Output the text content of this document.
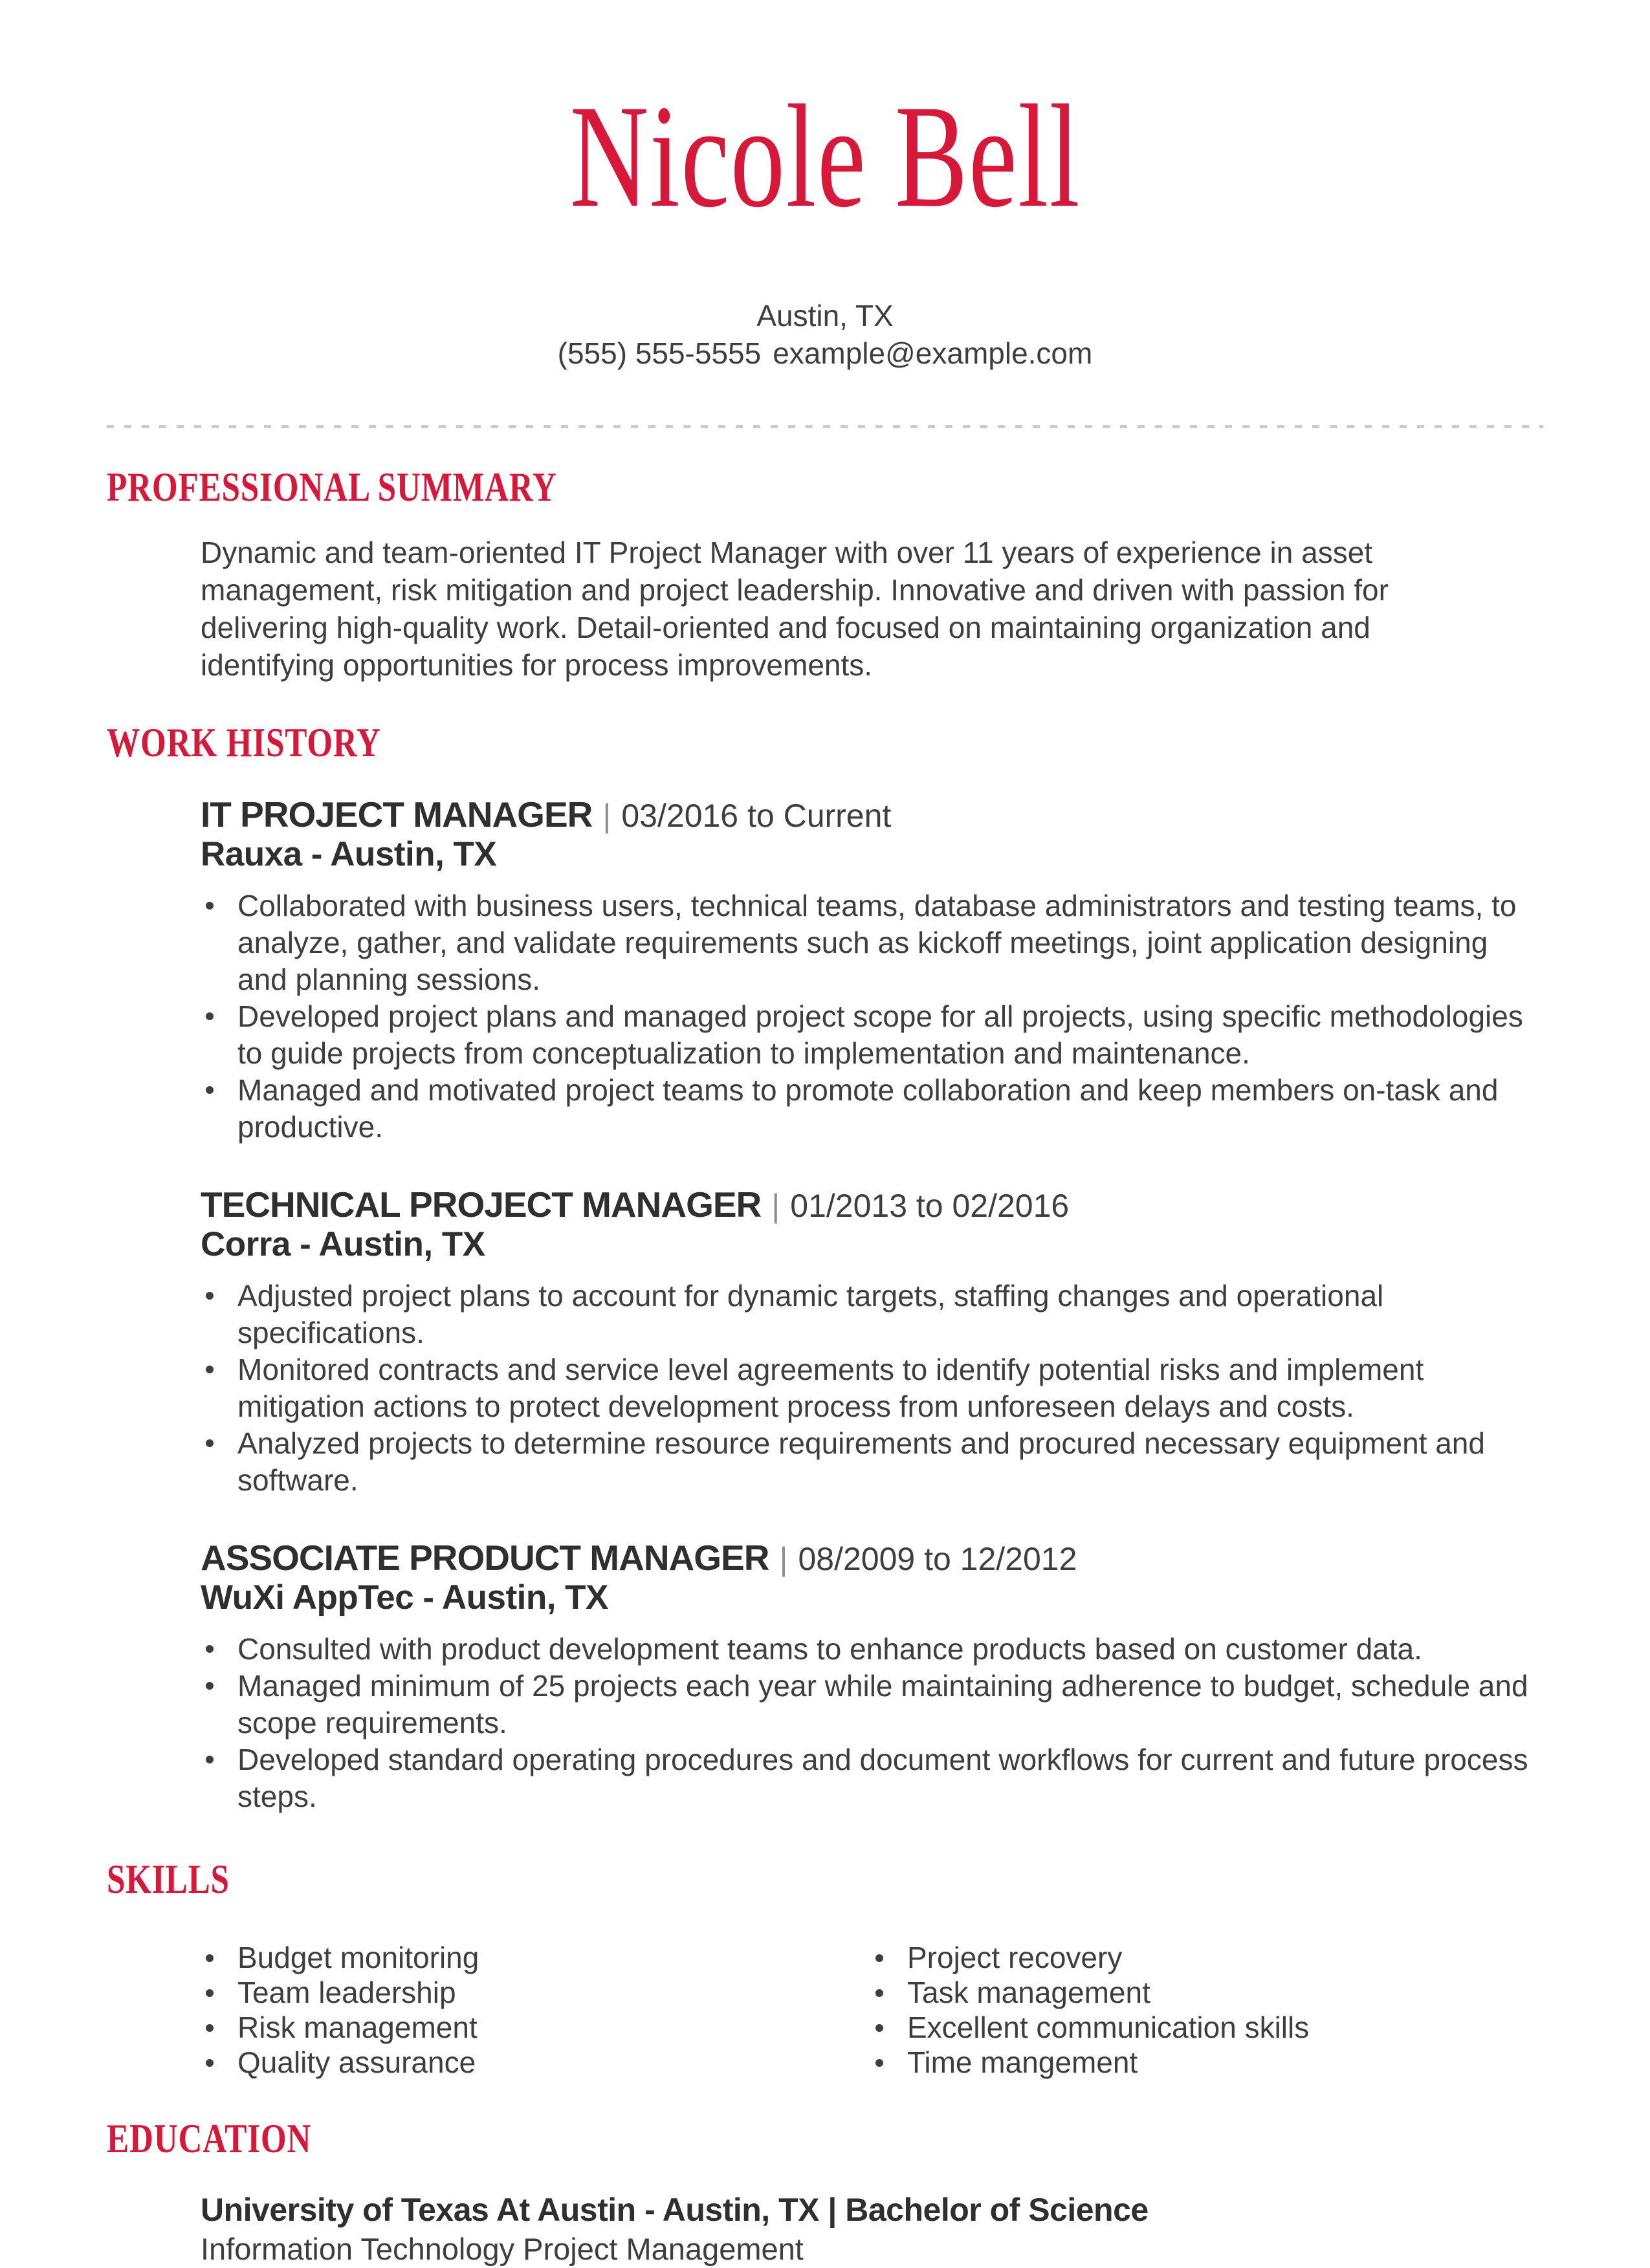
Nicole Bell
Austin, TX
(555) 555-5555 example@example.com
PROFESSIONAL SUMMARY
Dynamic and team-oriented IT Project Manager with over 11 years of experience in asset management, risk mitigation and project leadership. Innovative and driven with passion for delivering high-quality work. Detail-oriented and focused on maintaining organization and identifying opportunities for process improvements.
WORK HISTORY
IT PROJECT MANAGER | 03/2016 to Current
Rauxa - Austin, TX
Collaborated with business users, technical teams, database administrators and testing teams, to analyze, gather, and validate requirements such as kickoff meetings, joint application designing and planning sessions.
Developed project plans and managed project scope for all projects, using specific methodologies to guide projects from conceptualization to implementation and maintenance.
Managed and motivated project teams to promote collaboration and keep members on-task and productive.
TECHNICAL PROJECT MANAGER | 01/2013 to 02/2016
Corra - Austin, TX
Adjusted project plans to account for dynamic targets, staffing changes and operational specifications.
Monitored contracts and service level agreements to identify potential risks and implement mitigation actions to protect development process from unforeseen delays and costs.
Analyzed projects to determine resource requirements and procured necessary equipment and software.
ASSOCIATE PRODUCT MANAGER | 08/2009 to 12/2012
WuXi AppTec - Austin, TX
Consulted with product development teams to enhance products based on customer data.
Managed minimum of 25 projects each year while maintaining adherence to budget, schedule and scope requirements.
Developed standard operating procedures and document workflows for current and future process steps.
SKILLS
Budget monitoring
Team leadership
Risk management
Quality assurance
Project recovery
Task management
Excellent communication skills
Time mangement
EDUCATION
University of Texas At Austin - Austin, TX | Bachelor of Science
Information Technology Project Management
